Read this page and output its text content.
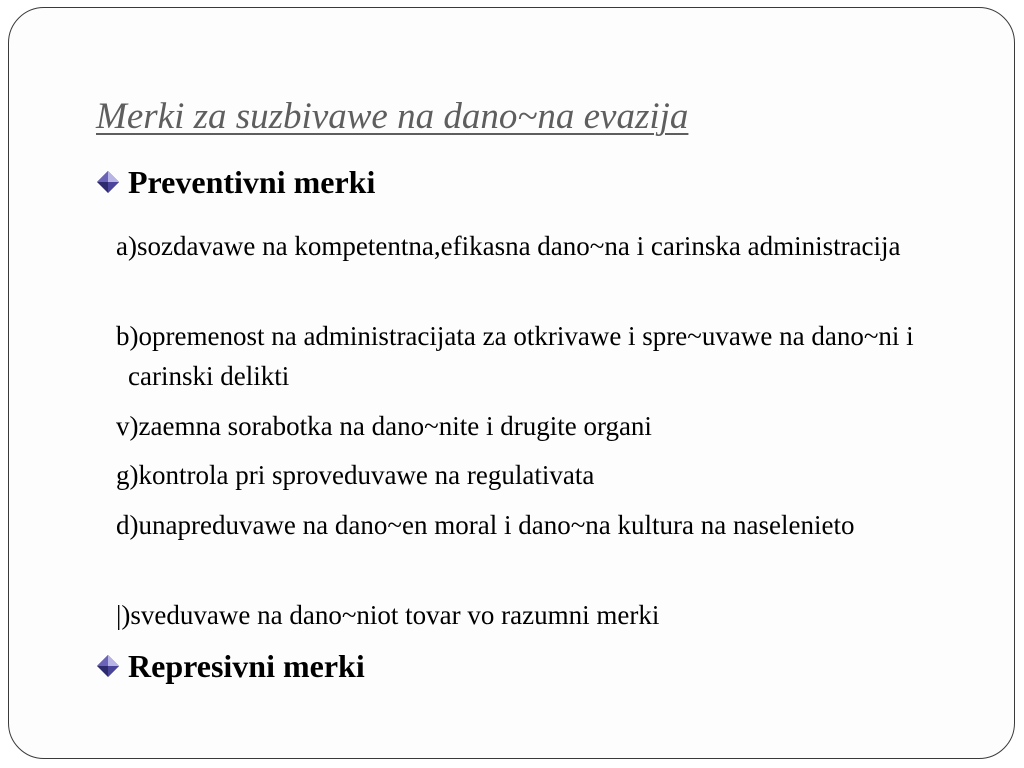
Merki za suzbivawe na dano~na evazija
Preventivni merki
a)sozdavawe na kompetentna,efikasna dano~na i carinska administracija
b)opremenost na administracijata za otkrivawe i spre~uvawe na dano~ni i carinski delikti
v)zaemna sorabotka na dano~nite i drugite organi
g)kontrola pri sproveduvawe na regulativata
d)unapreduvawe na dano~en moral i dano~na kultura na naselenieto
|)sveduvawe na dano~niot tovar vo razumni merki
Represivni merki
